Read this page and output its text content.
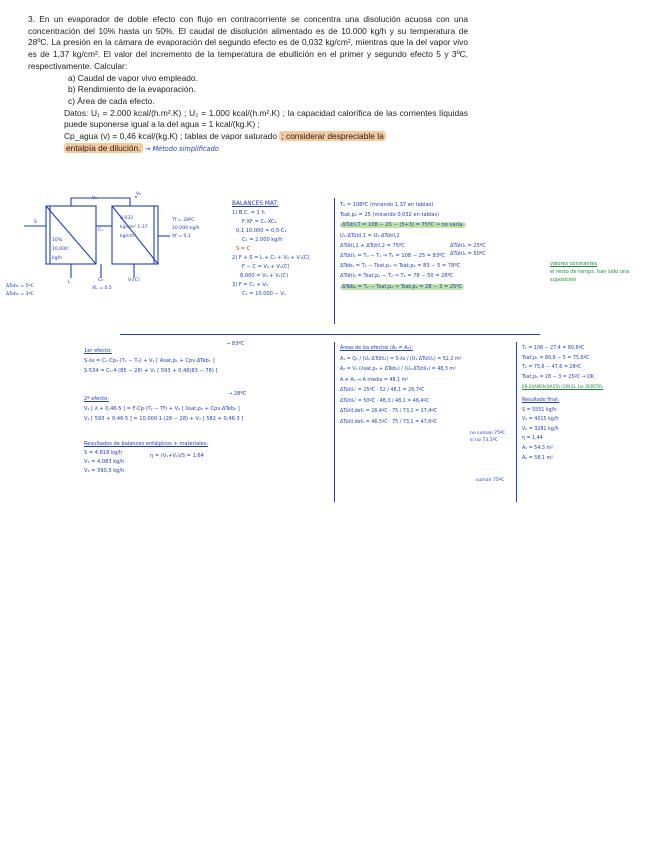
3. En un evaporador de doble efecto con flujo en contracorriente se concentra una disolución acuosa con una concentración del 10% hasta un 50%. El caudal de disolución alimentado es de 10.000 kg/h y su temperatura de 28ºC. La presión en la cámara de evaporación del segundo efecto es de 0,032 kg/cm², mientras que la del vapor vivo es de 1,37 kg/cm². El valor del incremento de la temperatura de ebullición en el primer y segundo efecto 5 y 3ºC, respectivamente. Calcular:

a) Caudal de vapor vivo empleado.
b) Rendimiento de la evaporación.
c) Área de cada efecto.

Datos: U₁ = 2.000 kcal/(h.m².K) ; U₂ = 1.000 kcal/(h.m².K) ; la capacidad calorífica de las corrientes líquidas puede suponerse igual a la del agua = 1 kcal/(kg.K) ;

Cp_agua (v) = 0,46 kcal/(kg.K) ; tablas de vapor saturado ; considerar despreciable la

entalpía de dilución. → Método simplificado

V₁
V₀
S
10% 10.000 kg/h
0.032 kg/cm² 1.37 kg/cm²
C₁
C₀
L	V₁(C)
Tf = 28ºC
10.000 kg/h
Xf = 0,1
XL = 0,5
ΔTeb₁ = 5ºC
ΔTeb₂ = 3ºC
BALANCES MAT:
1) B.C. = 1 h
F·XF = C₁·XC₁
0,1·10.000 = 0,5·C₁
C₁ = 2.000 kg/h
S = C
2) F + S = L + C₁ + V₀ + V₁(C)
F − C = V₀ + V₁(C)
8.000 = V₀ + V₁(C)
3) F = C₁ + V₀
C₁ = 10.000 − V₁
T₀ = 108ºC (mirando 1,37 en tablas)
Tsat,p₂ = 25 (mirando 0,032 en tablas)
ΔTútil,T = 108 − 25 − (5+3) = 75ºC ⇒ no varía.
U₁·ΔTútil,1 = U₂·ΔTútil,2
ΔTútil,1 + ΔTútil,2 = 75ºC
ΔTútil₁ = T₀ − T₁ ⇒ T₁ = 108 − 25 = 83ºC
ΔTeb₁ = T₁ − Tsat,p₁ ⇒ Tsat,p₁ = 83 − 5 = 78ºC
ΔTútil₂ = Tsat,p₁ − T₂ ⇒ T₂ = 78 − 50 = 28ºC
ΔTeb₂ = T₂ − Tsat,p₂ ⇒ Tsat,p₂ = 28 − 3 = 25ºC
ΔTútil₁ = 25ºC
ΔTútil₂ = 50ºC
valores constantes
el resto de temps. han sido una suposición
1er efecto:
S·λs = C₁·Cp₁·(T₁ − T₀) + V₁ [ Asat,p₁ + Cpv·ΔTeb₁ ]
S·534 = C₁·4·(85 − 28) + V₁ [ 593 + 0,46(83 − 78) ]
→ 83ºC
2º efecto:
V₁ [ λ + 0,46·5 ] = F·Cp·(T₂ − Tf) + V₂ [ λsat,p₂ + Cpv·ΔTeb₂ ]
V₁ [ 593 + 0,46·5 ] = 10.000·1·(28 − 28) + V₂ [ 582 + 0,46·3 ]
→ 28ºC
Resultados de balances entálpicos + materiales:
S = 4.818 kg/h
V₁ = 4.083 kg/h
V₂ = 390,5 kg/h
η = (V₁+V₂)/S = 1,64
Áreas de los efectos (A₁ = A₂):
A₁ = Q₁ / (U₁·ΔTútil₁) = S·λs / (U₁·ΔTútil₁) = 52,2 m²
A₂ = V₁ (λsat,p₁ + ΔTeb₁) / (U₂·ΔTútil₂) = 48,3 m²
A ≠ A₁ ⇒ A media = 48,1 m²
ΔTútil₁' = 25ºC · 52 / 48,1 = 26,7ºC
ΔTútil₂' = 50ºC · 48,3 / 48,1 = 46,4ºC
ΔTútil,def₁ = 26,4ºC · 75 / 73,1 = 27,4ºC
ΔTútil,def₂ = 46,5ºC · 75 / 73,1 = 47,6ºC
no suman 75ºC
sí no 73,1ºC
suman 75ºC
T₁ = 108 − 27,4 = 80,6ºC
Tsat,p₁ = 80,6 − 5 = 75,6ºC
T₂ = 75,6 − 47,6 = 28ºC
Tsat,p₂ = 28 − 3 = 25ºC → OK
EN EXAMEN BASTA CON EL 1er REPETIR.
Resultado final:
S = 5551 kg/h
V₁ = 4015 kg/h
V₂ = 3281 kg/h
η = 1,44
A₁ = 54,3 m²
A₂ = 58,1 m²
